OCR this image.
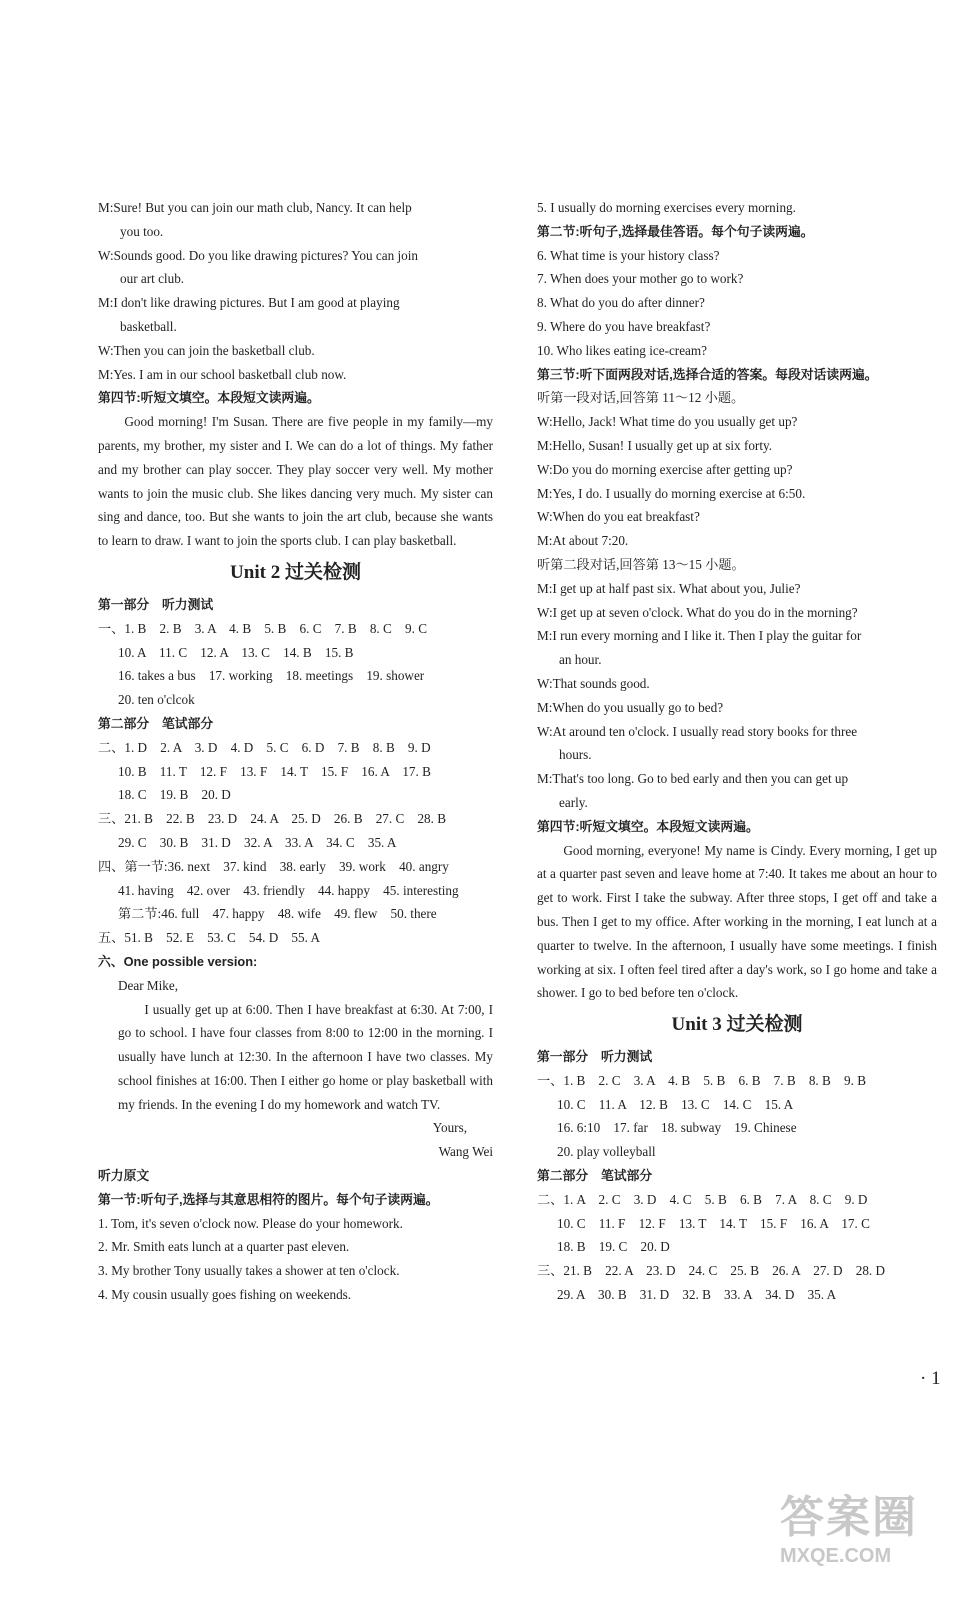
M:Sure! But you can join our math club, Nancy. It can help
you too.
W:Sounds good. Do you like drawing pictures? You can join
our art club.
M:I don't like drawing pictures. But I am good at playing
basketball.
W:Then you can join the basketball club.
M:Yes. I am in our school basketball club now.
第四节:听短文填空。本段短文读两遍。
Good morning! I'm Susan. There are five people in my family—my parents, my brother, my sister and I. We can do a lot of things. My father and my brother can play soccer. They play soccer very well. My mother wants to join the music club. She likes dancing very much. My sister can sing and dance, too. But she wants to join the art club, because she wants to learn to draw. I want to join the sports club. I can play basketball.
Unit 2 过关检测
第一部分　听力测试
一、1. B　2. B　3. A　4. B　5. B　6. C　7. B　8. C　9. C
10. A　11. C　12. A　13. C　14. B　15. B
16. takes a bus　17. working　18. meetings　19. shower
20. ten o'clcok
第二部分　笔试部分
二、1. D　2. A　3. D　4. D　5. C　6. D　7. B　8. B　9. D
10. B　11. T　12. F　13. F　14. T　15. F　16. A　17. B
18. C　19. B　20. D
三、21. B　22. B　23. D　24. A　25. D　26. B　27. C　28. B
29. C　30. B　31. D　32. A　33. A　34. C　35. A
四、第一节:36. next　37. kind　38. early　39. work　40. angry
41. having　42. over　43. friendly　44. happy　45. interesting
第二节:46. full　47. happy　48. wife　49. flew　50. there
五、51. B　52. E　53. C　54. D　55. A
六、One possible version:
Dear Mike,
I usually get up at 6:00. Then I have breakfast at 6:30. At 7:00, I go to school. I have four classes from 8:00 to 12:00 in the morning. I usually have lunch at 12:30. In the afternoon I have two classes. My school finishes at 16:00. Then I either go home or play basketball with my friends. In the evening I do my homework and watch TV.
Yours,
Wang Wei
听力原文
第一节:听句子,选择与其意思相符的图片。每个句子读两遍。
1. Tom, it's seven o'clock now. Please do your homework.
2. Mr. Smith eats lunch at a quarter past eleven.
3. My brother Tony usually takes a shower at ten o'clock.
4. My cousin usually goes fishing on weekends.
5. I usually do morning exercises every morning.
第二节:听句子,选择最佳答语。每个句子读两遍。
6. What time is your history class?
7. When does your mother go to work?
8. What do you do after dinner?
9. Where do you have breakfast?
10. Who likes eating ice-cream?
第三节:听下面两段对话,选择合适的答案。每段对话读两遍。
听第一段对话,回答第 11～12 小题。
W:Hello, Jack! What time do you usually get up?
M:Hello, Susan! I usually get up at six forty.
W:Do you do morning exercise after getting up?
M:Yes, I do. I usually do morning exercise at 6:50.
W:When do you eat breakfast?
M:At about 7:20.
听第二段对话,回答第 13～15 小题。
M:I get up at half past six. What about you, Julie?
W:I get up at seven o'clock. What do you do in the morning?
M:I run every morning and I like it. Then I play the guitar for
an hour.
W:That sounds good.
M:When do you usually go to bed?
W:At around ten o'clock. I usually read story books for three
hours.
M:That's too long. Go to bed early and then you can get up
early.
第四节:听短文填空。本段短文读两遍。
Good morning, everyone! My name is Cindy. Every morning, I get up at a quarter past seven and leave home at 7:40. It takes me about an hour to get to work. First I take the subway. After three stops, I get off and take a bus. Then I get to my office. After working in the morning, I eat lunch at a quarter to twelve. In the afternoon, I usually have some meetings. I finish working at six. I often feel tired after a day's work, so I go home and take a shower. I go to bed before ten o'clock.
Unit 3 过关检测
第一部分　听力测试
一、1. B　2. C　3. A　4. B　5. B　6. B　7. B　8. B　9. B
10. C　11. A　12. B　13. C　14. C　15. A
16. 6:10　17. far　18. subway　19. Chinese
20. play volleyball
第二部分　笔试部分
二、1. A　2. C　3. D　4. C　5. B　6. B　7. A　8. C　9. D
10. C　11. F　12. F　13. T　14. T　15. F　16. A　17. C
18. B　19. C　20. D
三、21. B　22. A　23. D　24. C　25. B　26. A　27. D　28. D
29. A　30. B　31. D　32. B　33. A　34. D　35. A
· 1
答案圈
MXQE.COM
